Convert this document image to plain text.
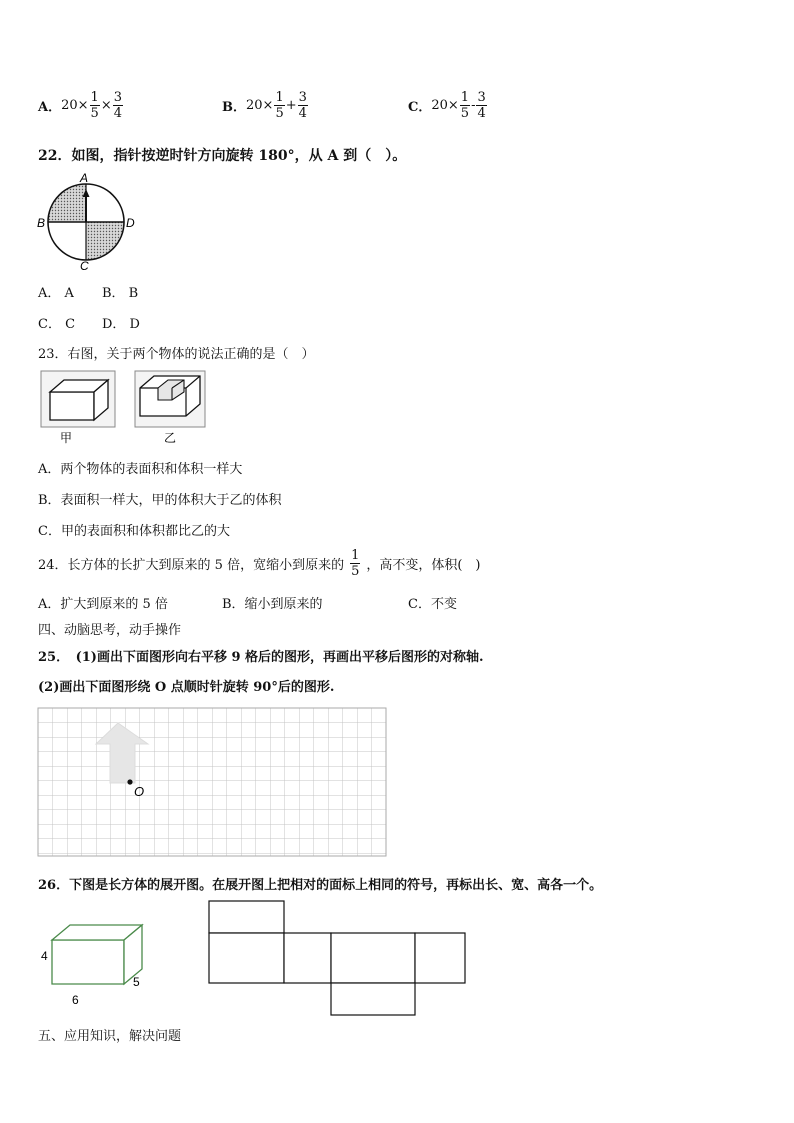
A． $20\times \frac{1}{5} \times \frac{3}{4}$	B． $20\times \frac{1}{5} + \frac{3}{4}$	C． $20\times \frac{1}{5} - \frac{3}{4}$
22．如图，指针按逆时针方向旋转 180°，从 A 到（　）。
A
B	D
C
A． A B． B
C． C D． D
23．右图，关于两个物体的说法正确的是（　）
甲	乙
A．两个物体的表面积和体积一样大
B．表面积一样大，甲的体积大于乙的体积
C．甲的表面积和体积都比乙的大
24．长方体的长扩大到原来的 5 倍，宽缩小到原来的 $\frac{1}{5}$ ，高不变，体积(　)
A．扩大到原来的 5 倍	B．缩小到原来的	C．不变
四、动脑思考，动手操作
25．　(1)画出下面图形向右平移 9 格后的图形，再画出平移后图形的对称轴.
(2)画出下面图形绕 O 点顺时针旋转 90°后的图形.
O
26．下图是长方体的展开图。在展开图上把相对的面标上相同的符号，再标出长、宽、高各一个。
4
6
5
五、应用知识，解决问题
